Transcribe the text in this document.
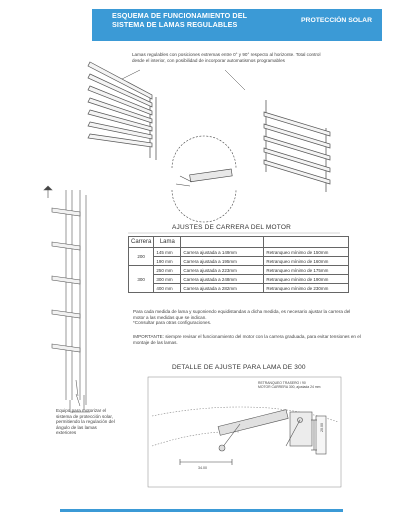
ESQUEMA DE FUNCIONAMIENTO DEL
SISTEMA DE LAMAS REGULABLES	PROTECCIÓN SOLAR
Lamas regulables con posiciones extremas entre 0° y 90° respecto al horizonte. Total control desde el interior, con posibilidad de incorporar automatismos programables
AJUSTES DE CARRERA DEL MOTOR
Carrera	Lama		
200	145 mm	Carrera ajustada a 149mm	Retranqueo mínimo de 150mm
	190 mm	Carrera ajustada a 195mm	Retranqueo mínimo de 160mm
300	250 mm	Carrera ajustada a 223mm	Retranqueo mínimo de 175mm
	300 mm	Carrera ajustada a 248mm	Retranqueo mínimo de 190mm
	400 mm	Carrera ajustada a 282mm	Retranqueo mínimo de 230mm
Para cada medida de lama y suponiendo equidistandas a dicha medida, es necesario ajustar la carrera del motor a las medidas que se indican.
*Consultar para otras configuraciones.
IMPORTANTE: siempre revisar el funcionamiento del motor con la carrera graduada, para evitar tensiones en el montaje de las lamas.
DETALLE DE AJUSTE PARA LAMA DE 300
RETRANQUEO TRASERO / 90
MOTOR CARRERA 300, ajustada 24 mm
34.00
20.00
Equipo para motorizar el sistema de protección solar, permitiendo la regulación del ángulo de las lamas exteriores
